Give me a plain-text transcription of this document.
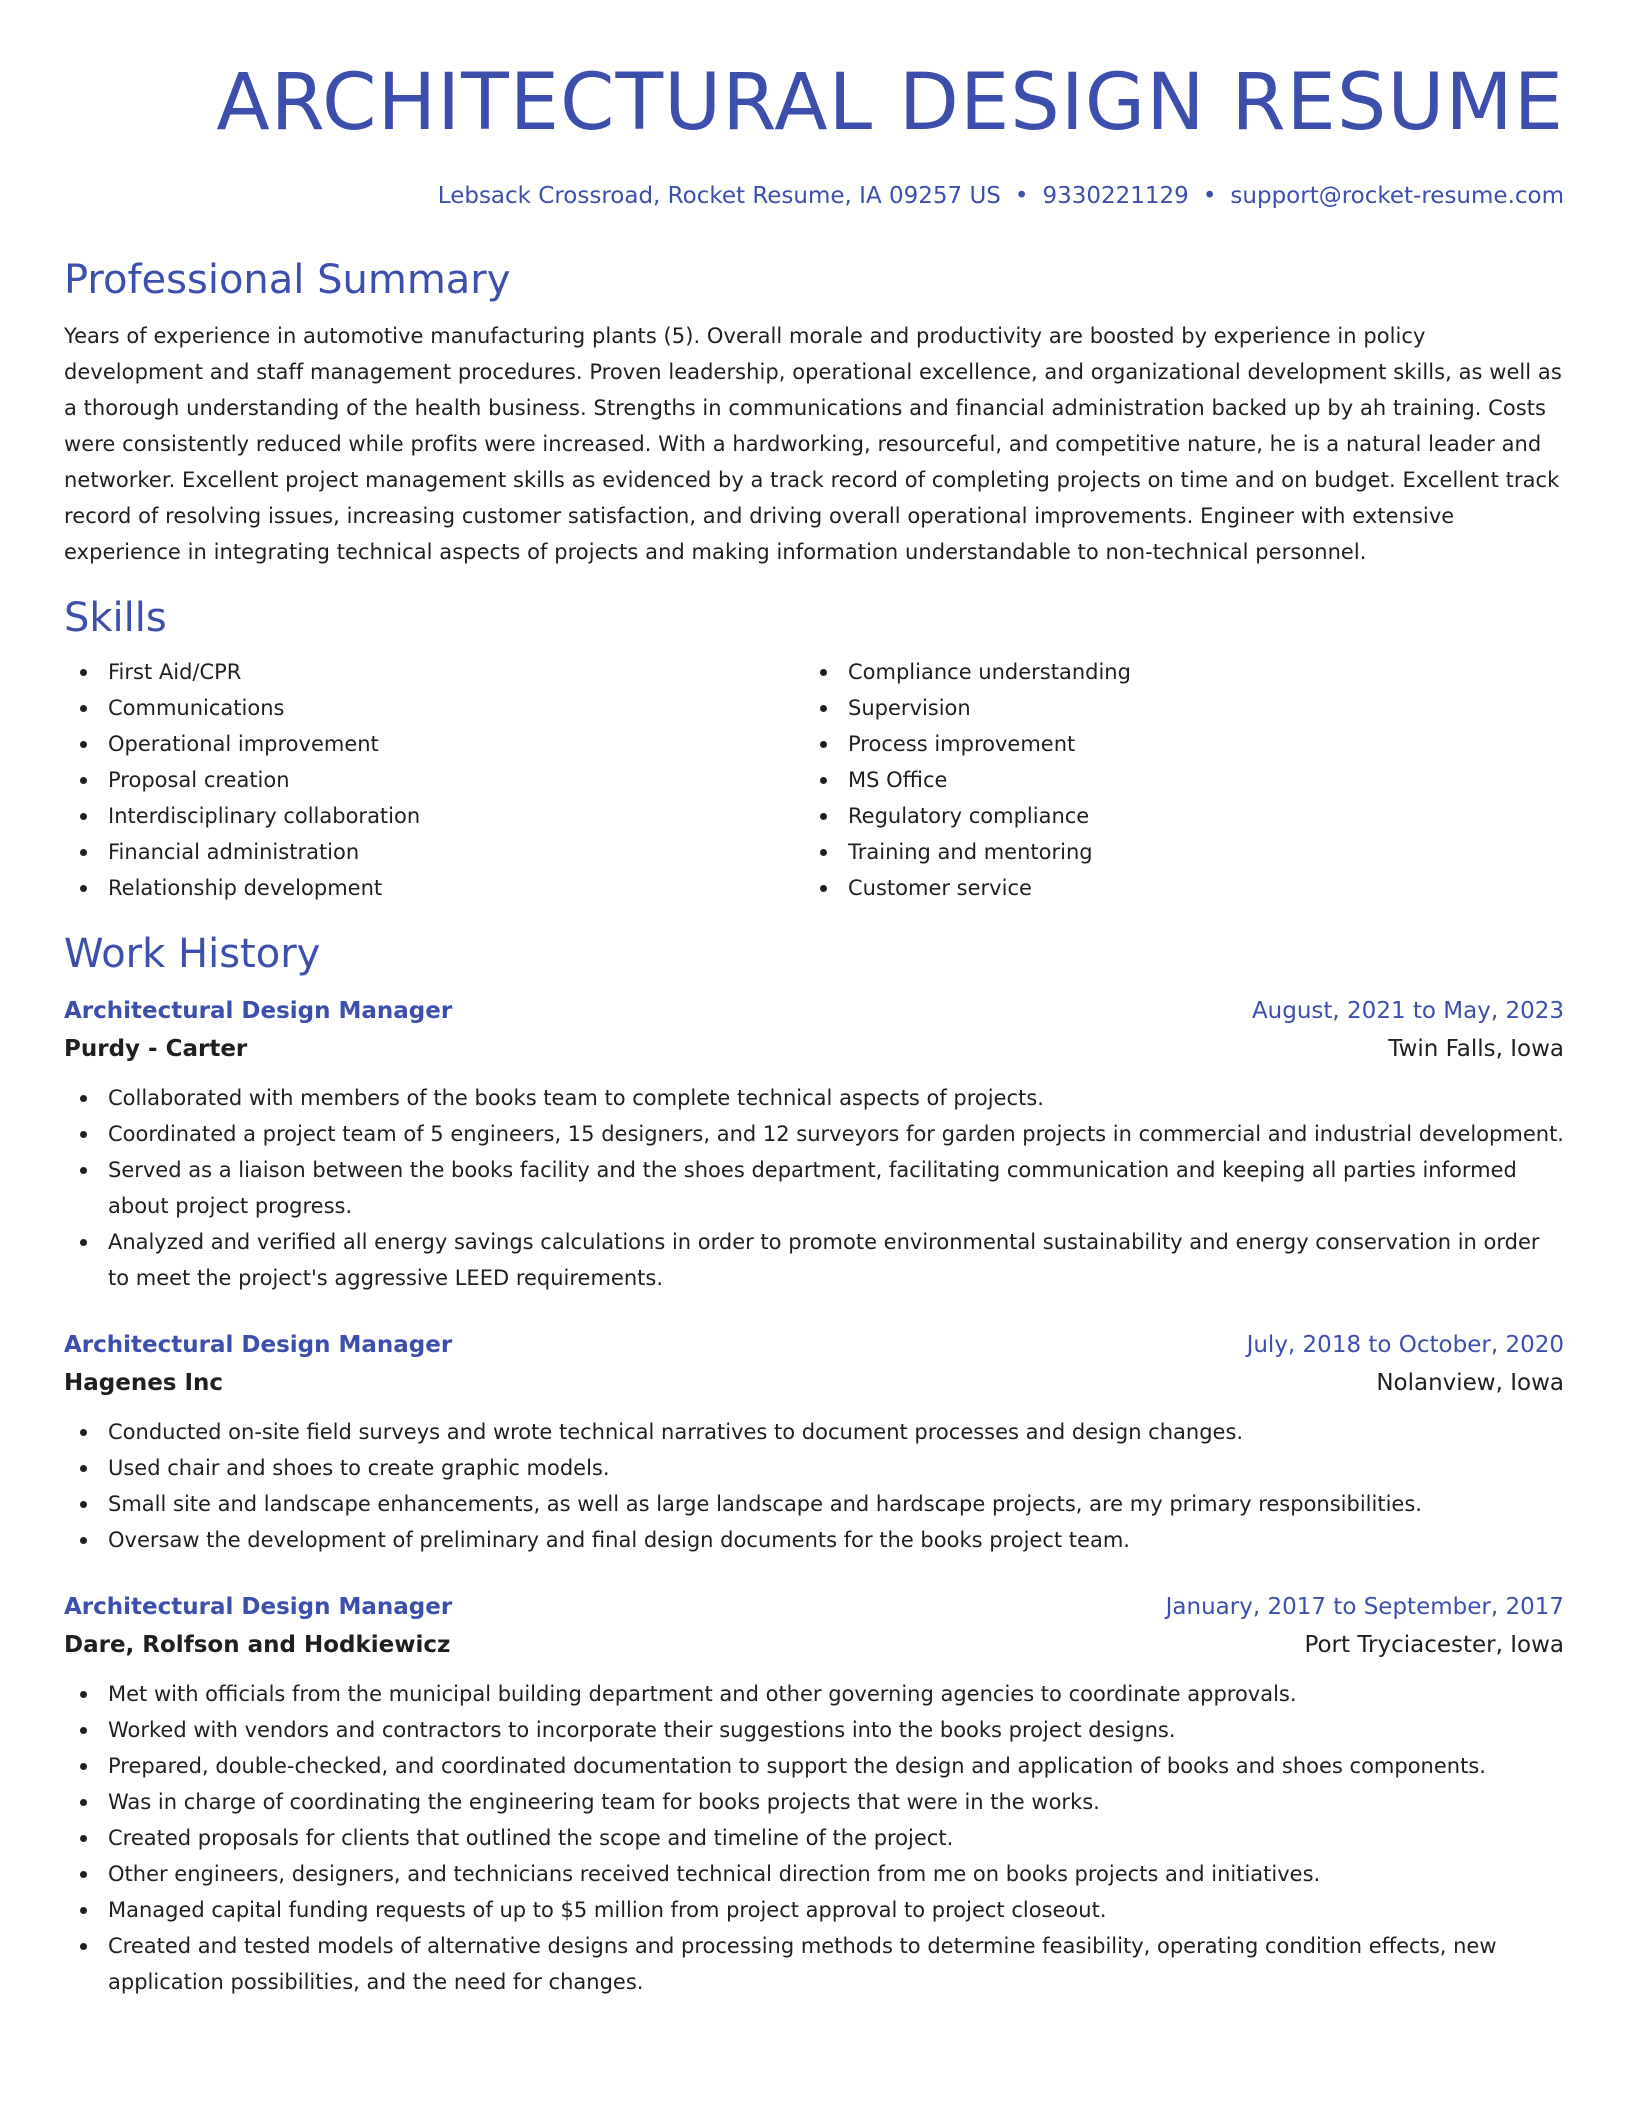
ARCHITECTURAL DESIGN RESUME
Lebsack Crossroad, Rocket Resume, IA 09257 US • 9330221129 • support@rocket-resume.com
Professional Summary

Years of experience in automotive manufacturing plants (5). Overall morale and productivity are boosted by experience in policy development and staff management procedures. Proven leadership, operational excellence, and organizational development skills, as well as a thorough understanding of the health business. Strengths in communications and financial administration backed up by ah training. Costs were consistently reduced while profits were increased. With a hardworking, resourceful, and competitive nature, he is a natural leader and networker. Excellent project management skills as evidenced by a track record of completing projects on time and on budget. Excellent track record of resolving issues, increasing customer satisfaction, and driving overall operational improvements. Engineer with extensive experience in integrating technical aspects of projects and making information understandable to non-technical personnel.

Skills
First Aid/CPR
Communications
Operational improvement
Proposal creation
Interdisciplinary collaboration
Financial administration
Relationship development
Compliance understanding
Supervision
Process improvement
MS Office
Regulatory compliance
Training and mentoring
Customer service
Work History
Architectural Design Manager	August, 2021 to May, 2023
Purdy - Carter	Twin Falls, Iowa
Collaborated with members of the books team to complete technical aspects of projects.
Coordinated a project team of 5 engineers, 15 designers, and 12 surveyors for garden projects in commercial and industrial development.
Served as a liaison between the books facility and the shoes department, facilitating communication and keeping all parties informed about project progress.
Analyzed and verified all energy savings calculations in order to promote environmental sustainability and energy conservation in order to meet the project's aggressive LEED requirements.
Architectural Design Manager	July, 2018 to October, 2020
Hagenes Inc	Nolanview, Iowa
Conducted on-site field surveys and wrote technical narratives to document processes and design changes.
Used chair and shoes to create graphic models.
Small site and landscape enhancements, as well as large landscape and hardscape projects, are my primary responsibilities.
Oversaw the development of preliminary and final design documents for the books project team.
Architectural Design Manager	January, 2017 to September, 2017
Dare, Rolfson and Hodkiewicz	Port Tryciacester, Iowa
Met with officials from the municipal building department and other governing agencies to coordinate approvals.
Worked with vendors and contractors to incorporate their suggestions into the books project designs.
Prepared, double-checked, and coordinated documentation to support the design and application of books and shoes components.
Was in charge of coordinating the engineering team for books projects that were in the works.
Created proposals for clients that outlined the scope and timeline of the project.
Other engineers, designers, and technicians received technical direction from me on books projects and initiatives.
Managed capital funding requests of up to $5 million from project approval to project closeout.
Created and tested models of alternative designs and processing methods to determine feasibility, operating condition effects, new application possibilities, and the need for changes.
